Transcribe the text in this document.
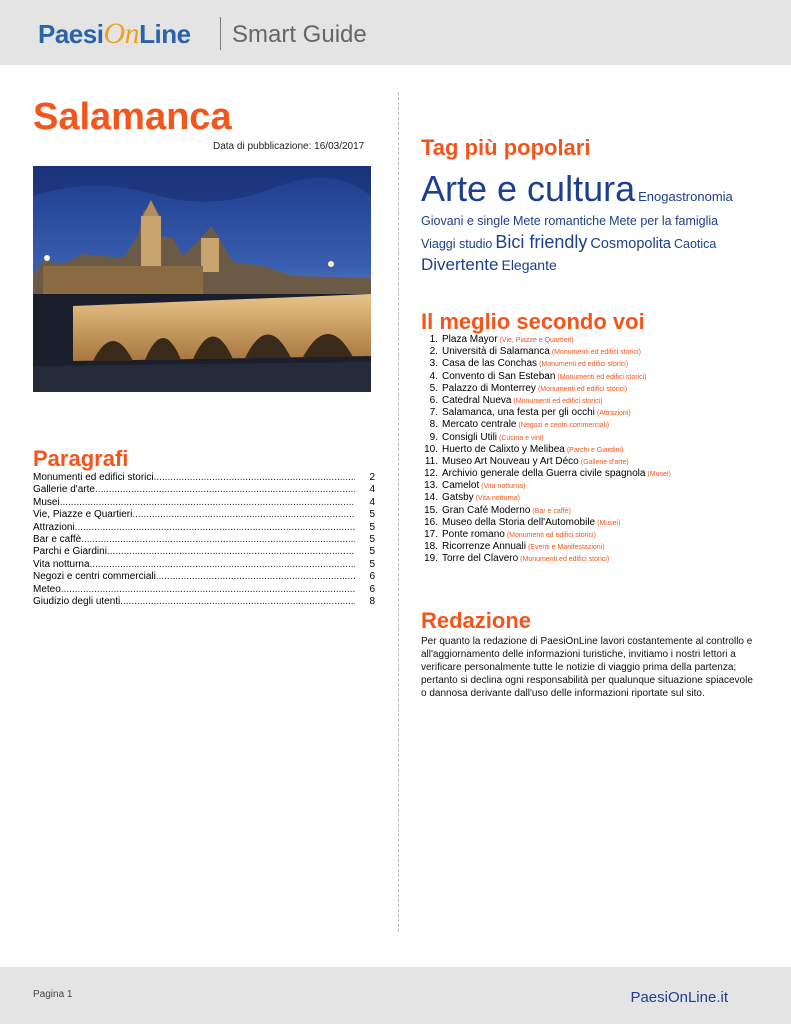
PaesiOnLine Smart Guide
Salamanca
Data di pubblicazione: 16/03/2017
Paragrafi
Monumenti ed edifici storici .....	2
Gallerie d'arte .....	4
Musei .....	4
Vie, Piazze e Quartieri .....	5
Attrazioni .....	5
Bar e caffè .....	5
Parchi e Giardini .....	5
Vita notturna .....	5
Negozi e centri commerciali .....	6
Meteo .....	6
Giudizio degli utenti .....	8
Tag più popolari
Arte e cultura Enogastronomia
Giovani e single Mete romantiche Mete per la famiglia
Viaggi studio Bici friendly Cosmopolita Caotica
Divertente Elegante
Il meglio secondo voi
1. Plaza Mayor (Vie, Piazze e Quartieri)
2. Università di Salamanca (Monumenti ed edifici storici)
3. Casa de las Conchas (Monumenti ed edifici storici)
4. Convento di San Esteban (Monumenti ed edifici storici)
5. Palazzo di Monterrey (Monumenti ed edifici storici)
6. Catedral Nueva (Monumenti ed edifici storici)
7. Salamanca, una festa per gli occhi (Attrazioni)
8. Mercato centrale (Negozi e centri commerciali)
9. Consigli Utili (Cucina e vini)
10. Huerto de Calixto y Melibea (Parchi e Giardini)
11. Museo Art Nouveau y Art Déco (Gallerie d'arte)
12. Archivio generale della Guerra civile spagnola (Musei)
13. Camelot (Vita notturna)
14. Gatsby (Vita notturna)
15. Gran Café Moderno (Bar e caffè)
16. Museo della Storia dell'Automobile (Musei)
17. Ponte romano (Monumenti ed edifici storici)
18. Ricorrenze Annuali (Eventi e Manifestazioni)
19. Torre del Clavero (Monumenti ed edifici storici)
Redazione
Per quanto la redazione di PaesiOnLine lavori costantemente al controllo e all'aggiornamento delle informazioni turistiche, invitiamo i nostri lettori a verificare personalmente tutte le notizie di viaggio prima della partenza; pertanto si declina ogni responsabilità per qualunque situazione spiacevole o dannosa derivante dall'uso delle informazioni riportate sul sito.
Pagina 1	PaesiOnLine.it
